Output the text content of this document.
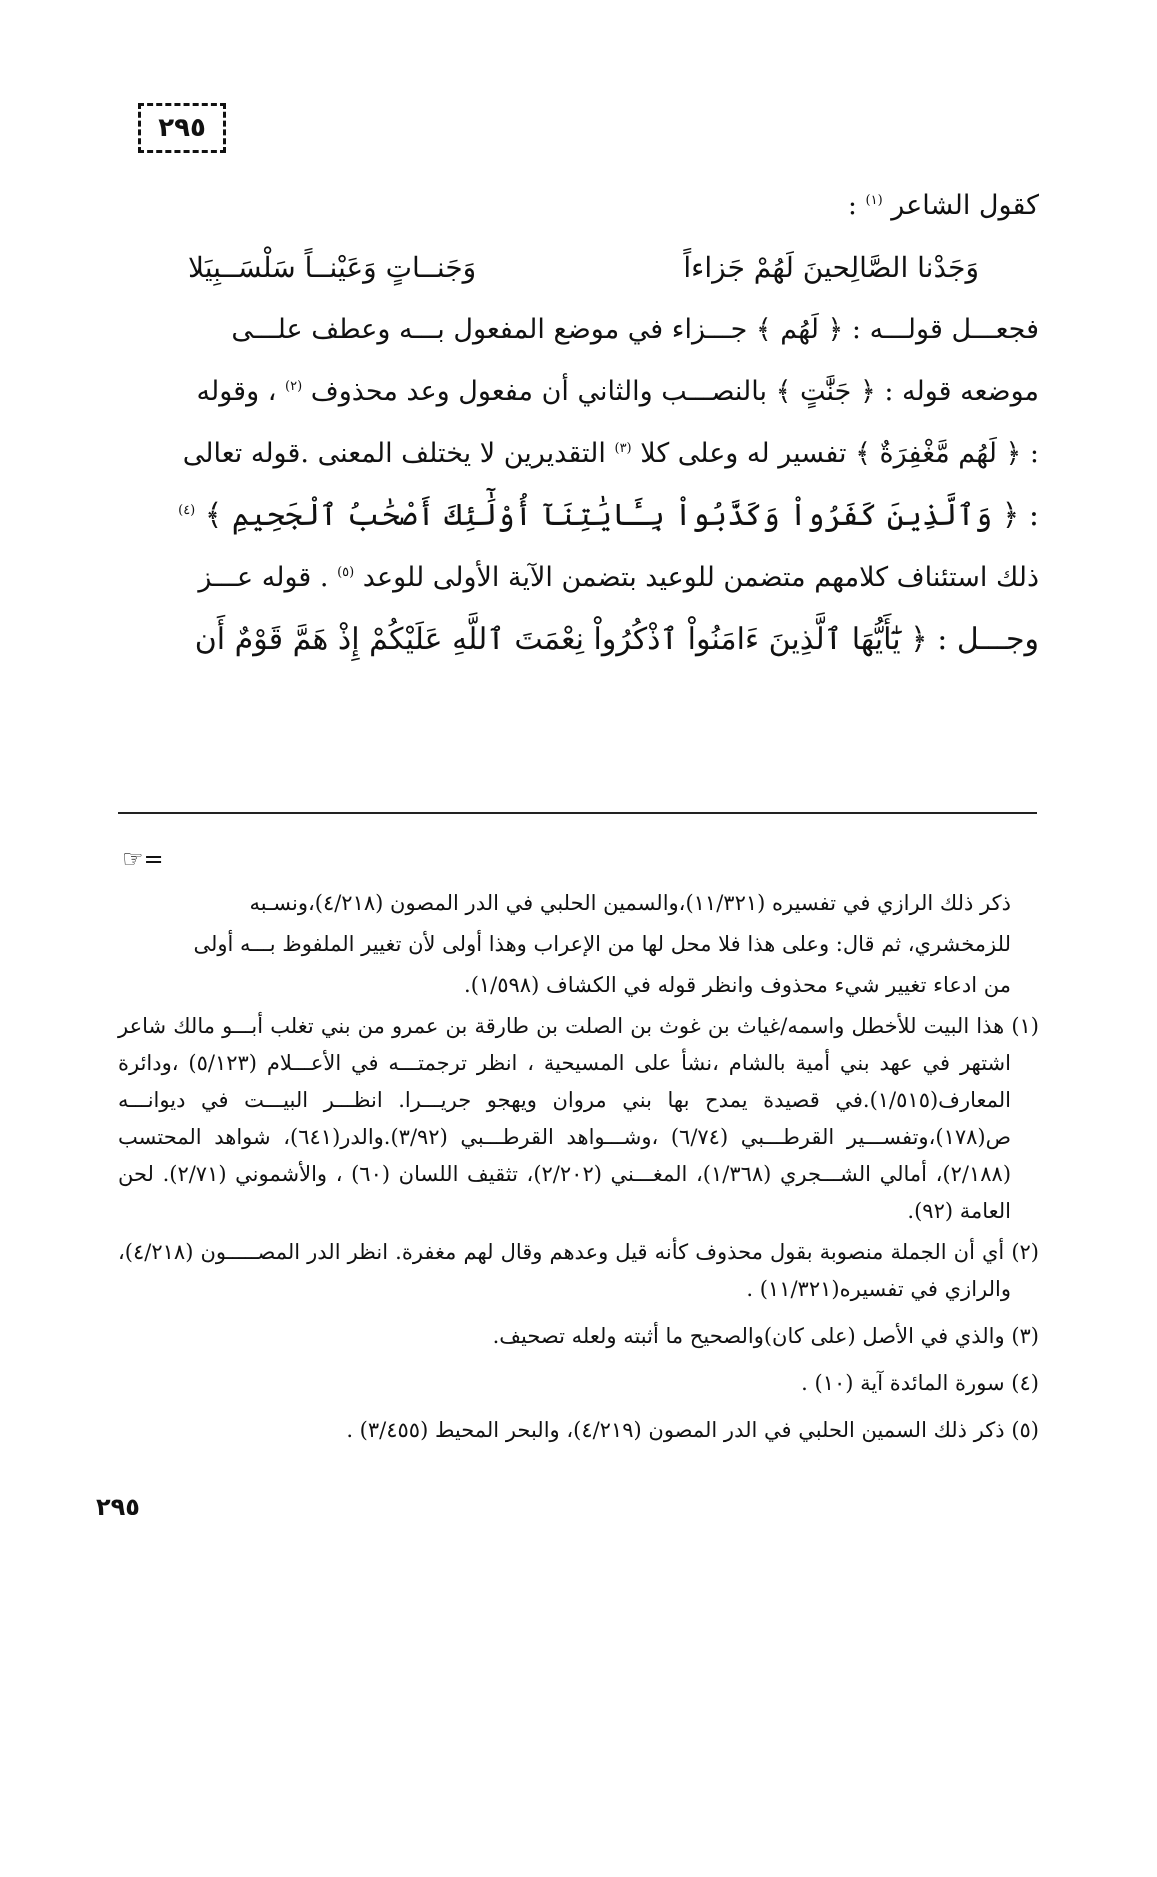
٢٩٥

كقول الشاعر $^{(١)}$ :

وَجَدْنا الصَّالِحينَ لَهُمْ جَزاءاً
وَجَنــاتٍ وَعَيْنــاً سَلْسَــبِيَلا

فجعـــل قولـــه : ﴿ لَهُم ﴾ جـــزاء في موضع المفعول بـــه وعطف علـــى

موضعه قوله : ﴿ جَنَّٰتٍ ﴾ بالنصـــب والثاني أن مفعول وعد محذوف $^{(٢)}$ ، وقوله

: ﴿ لَهُم مَّغْفِرَةٌ ﴾ تفسير له وعلى كلا $^{(٣)}$ التقديرين لا يختلف المعنى .قوله تعالى

: ﴿ وَٱلَّذِينَ كَفَرُواْ وَكَذَّبُواْ بِـَٔايَٰتِنَآ أُوْلَٰٓئِكَ أَصْحَٰبُ ٱلْجَحِيمِ ﴾ $^{(٤)}$

ذلك استئناف كلامهم متضمن للوعيد بتضمن الآية الأولى للوعد $^{(٥)}$ . قوله عـــز

وجـــل : ﴿ يَٰٓأَيُّهَا ٱلَّذِينَ ءَامَنُواْ ٱذْكُرُواْ نِعْمَتَ ٱللَّهِ عَلَيْكُمْ إِذْ هَمَّ قَوْمٌ أَن

☞=

ذكر ذلك الرازي في تفسيره (١١/٣٢١)،والسمين الحلبي في الدر المصون (٤/٢١٨)،ونسـبه

للزمخشري، ثم قال: وعلى هذا فلا محل لها من الإعراب وهذا أولى لأن تغيير الملفوظ بـــه أولى

من ادعاء تغيير شيء محذوف وانظر قوله في الكشاف (١/٥٩٨).

(١) هذا البيت للأخطل واسمه/غياث بن غوث بن الصلت بن طارقة بن عمرو من بني تغلب أبـــو مالك شاعر اشتهر في عهد بني أمية بالشام ،نشأ على المسيحية ، انظر ترجمتـــه في الأعـــلام (٥/١٢٣) ،ودائرة المعارف(١/٥١٥).في قصيدة يمدح بها بني مروان ويهجو جريـــرا. انظـــر البيـــت في ديوانـــه ص(١٧٨)،وتفســـير القرطـــبي (٦/٧٤) ،وشـــواهد القرطـــبي (٣/٩٢).والدر(٦٤١)، شواهد المحتسب (٢/١٨٨)، أمالي الشـــجري (١/٣٦٨)، المغـــني (٢/٢٠٢)، تثقيف اللسان (٦٠) ، والأشموني (٢/٧١). لحن العامة (٩٢).

(٢) أي أن الجملة منصوبة بقول محذوف كأنه قيل وعدهم وقال لهم مغفرة. انظر الدر المصـــــون (٤/٢١٨)، والرازي في تفسيره(١١/٣٢١) .

(٣) والذي في الأصل (على كان)والصحيح ما أثبته ولعله تصحيف.

(٤) سورة المائدة آية (١٠) .

(٥) ذكر ذلك السمين الحلبي في الدر المصون (٤/٢١٩)، والبحر المحيط (٣/٤٥٥) .

٢٩٥
